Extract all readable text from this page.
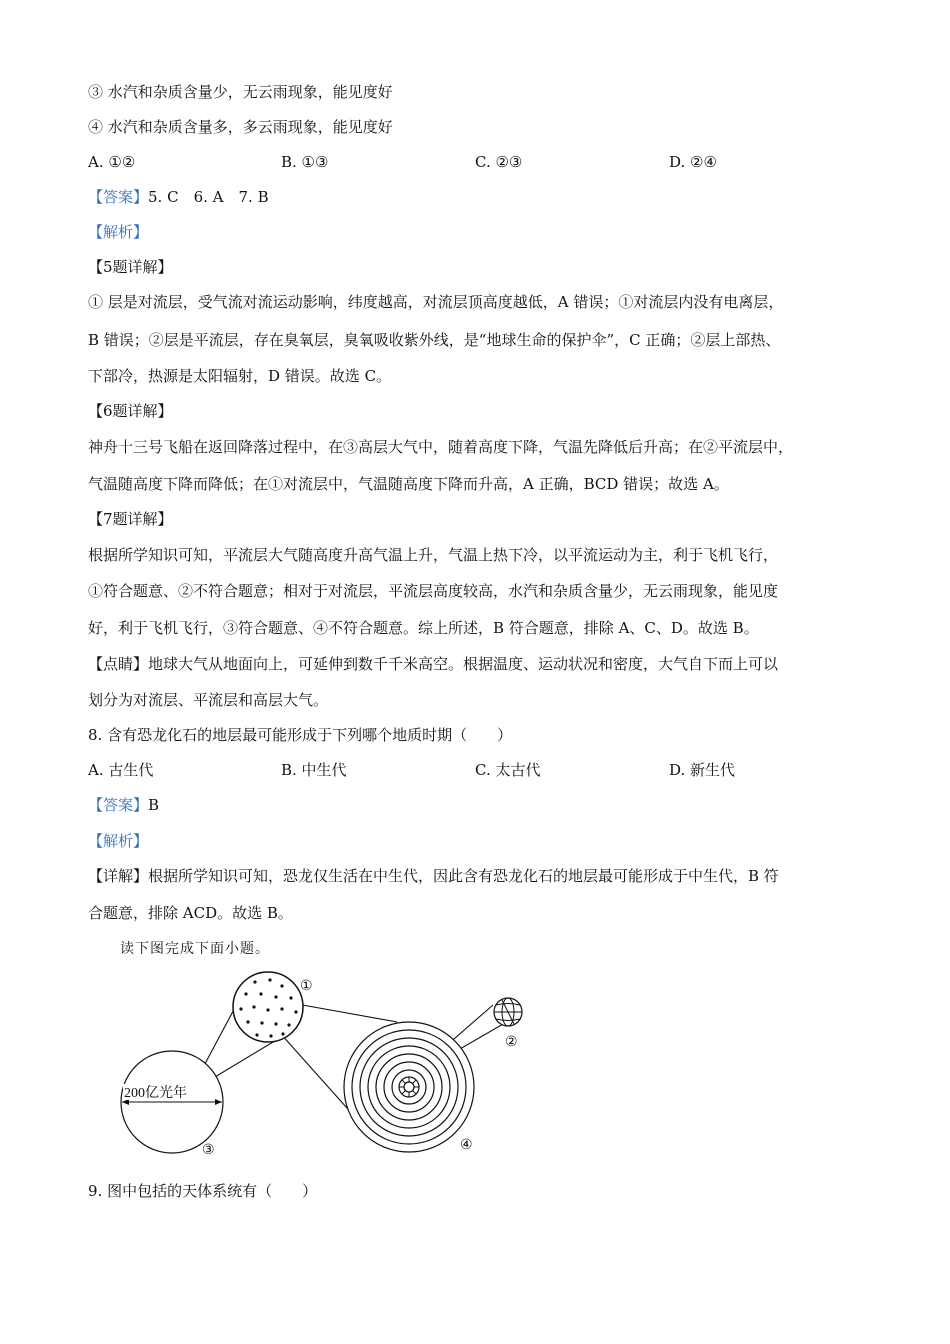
③ 水汽和杂质含量少，无云雨现象，能见度好
④ 水汽和杂质含量多，多云雨现象，能见度好
A. ①②	B. ①③	C. ②③	D. ②④
【答案】5. C　6. A　7. B
【解析】
【5题详解】
① 层是对流层，受气流对流运动影响，纬度越高，对流层顶高度越低，A 错误；①对流层内没有电离层，
B 错误；②层是平流层，存在臭氧层，臭氧吸收紫外线，是“地球生命的保护伞”，C 正确；②层上部热、
下部冷，热源是太阳辐射，D 错误。故选 C。
【6题详解】
神舟十三号飞船在返回降落过程中，在③高层大气中，随着高度下降，气温先降低后升高；在②平流层中，
气温随高度下降而降低；在①对流层中，气温随高度下降而升高，A 正确，BCD 错误；故选 A。
【7题详解】
根据所学知识可知，平流层大气随高度升高气温上升，气温上热下冷，以平流运动为主，利于飞机飞行，
①符合题意、②不符合题意；相对于对流层，平流层高度较高，水汽和杂质含量少，无云雨现象，能见度
好，利于飞机飞行，③符合题意、④不符合题意。综上所述，B 符合题意，排除 A、C、D。故选 B。
【点睛】地球大气从地面向上，可延伸到数千千米高空。根据温度、运动状况和密度，大气自下而上可以
划分为对流层、平流层和高层大气。
8. 含有恐龙化石的地层最可能形成于下列哪个地质时期（　　）
A. 古生代	B. 中生代	C. 太古代	D. 新生代
【答案】B
【解析】
【详解】根据所学知识可知，恐龙仅生活在中生代，因此含有恐龙化石的地层最可能形成于中生代，B 符
合题意，排除 ACD。故选 B。
读下图完成下面小题。
200亿光年
③
①
④
②
9. 图中包括的天体系统有（　　）
